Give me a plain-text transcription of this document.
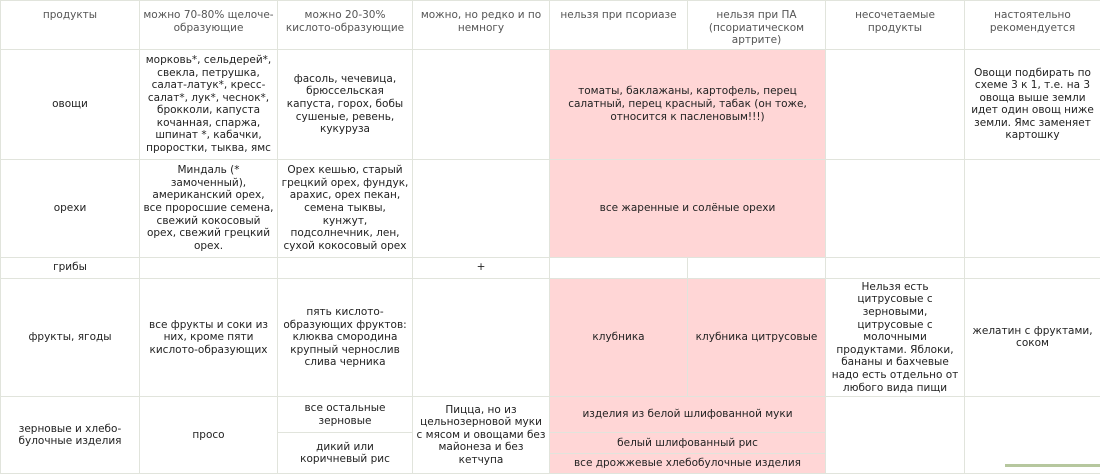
продукты	можно 70-80% щелоче-образующие	можно 20-30% кислото-образующие	можно, но редко и по немногу	нельзя при псориазе	нельзя при ПА (псориатическом артрите)	несочетаемые продукты	настоятельно рекомендуется
овощи	морковь*, сельдерей*, свекла, петрушка, салат-латук*, кресс-салат*, лук*, чеснок*, брокколи, капуста кочанная, спаржа, шпинат *, кабачки, проростки, тыква, ямс	фасоль, чечевица, брюссельская капуста, горох, бобы сушеные, ревень, кукуруза		томаты, баклажаны, картофель, перец салатный, перец красный, табак (он тоже, относится к пасленовым!!!)			Овощи подбирать по схеме 3 к 1, т.е. на 3 овоща выше земли идет один овощ ниже земли. Ямс заменяет картошку
орехи	Миндаль (* замоченный), американский орех, все проросшие семена, свежий кокосовый орех, свежий грецкий орех.	Орех кешью, старый грецкий орех, фундук, арахис, орех пекан, семена тыквы, кунжут, подсолнечник, лен, сухой кокосовый орех		все жаренные и солёные орехи			
грибы			+				
фрукты, ягоды	все фрукты и соки из них, кроме пяти кислото-образующих	пять кислото-образующих фруктов: клюква смородина крупный чернослив слива черника		клубника	клубника цитрусовые	Нельзя есть цитрусовые с зерновыми, цитрусовые с молочными продуктами. Яблоки, бананы и бахчевые надо есть отдельно от любого вида пищи	желатин с фруктами, соком
зерновые и хлебо-булочные изделия	просо	все остальные зерновые	Пицца, но из цельнозерновой муки с мясом и овощами без майонеза и без кетчупа	изделия из белой шлифованной муки			
		дикий или коричневый рис		белый шлифованный рис			
				все дрожжевые хлебобулочные изделия			
